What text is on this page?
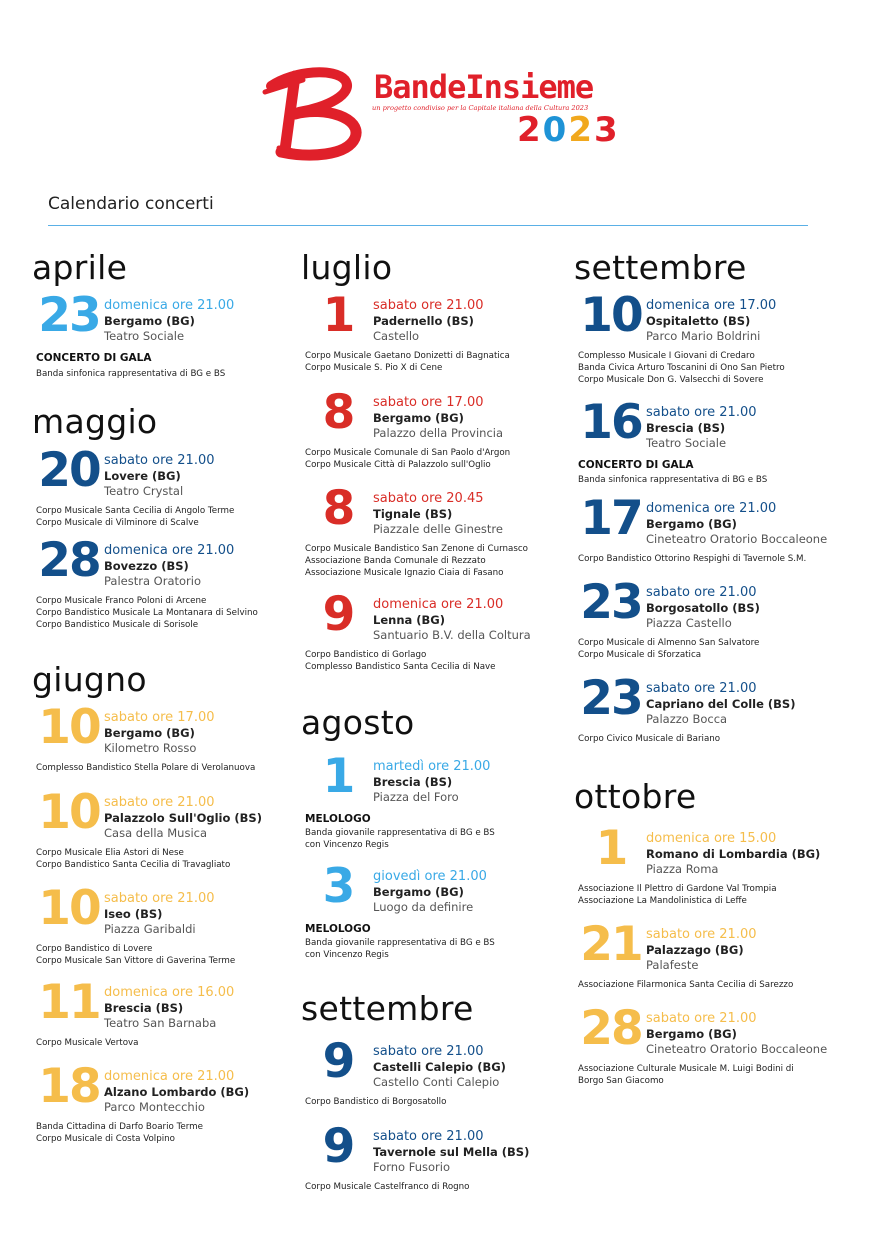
BandeInsieme
un progetto condiviso per la Capitale italiana della Cultura 2023
2023
Calendario concerti
aprile
23 domenica ore 21.00
Bergamo (BG)
Teatro Sociale
CONCERTO DI GALA
Banda sinfonica rappresentativa di BG e BS
maggio
20 sabato ore 21.00
Lovere (BG)
Teatro Crystal
Corpo Musicale Santa Cecilia di Angolo Terme
Corpo Musicale di Vilminore di Scalve
28 domenica ore 21.00
Bovezzo (BS)
Palestra Oratorio
Corpo Musicale Franco Poloni di Arcene
Corpo Bandistico Musicale La Montanara di Selvino
Corpo Bandistico Musicale di Sorisole
giugno
10 sabato ore 17.00
Bergamo (BG)
Kilometro Rosso
Complesso Bandistico Stella Polare di Verolanuova
10 sabato ore 21.00
Palazzolo Sull'Oglio (BS)
Casa della Musica
Corpo Musicale Elia Astori di Nese
Corpo Bandistico Santa Cecilia di Travagliato
10 sabato ore 21.00
Iseo (BS)
Piazza Garibaldi
Corpo Bandistico di Lovere
Corpo Musicale San Vittore di Gaverina Terme
11 domenica ore 16.00
Brescia (BS)
Teatro San Barnaba
Corpo Musicale Vertova
18 domenica ore 21.00
Alzano Lombardo (BG)
Parco Montecchio
Banda Cittadina di Darfo Boario Terme
Corpo Musicale di Costa Volpino
luglio
1	sabato ore 21.00
Padernello (BS)
Castello
Corpo Musicale Gaetano Donizetti di Bagnatica
Corpo Musicale S. Pio X di Cene
8	sabato ore 17.00
Bergamo (BG)
Palazzo della Provincia
Corpo Musicale Comunale di San Paolo d'Argon
Corpo Musicale Città di Palazzolo sull'Oglio
8	sabato ore 20.45
Tignale (BS)
Piazzale delle Ginestre
Corpo Musicale Bandistico San Zenone di Curnasco
Associazione Banda Comunale di Rezzato
Associazione Musicale Ignazio Ciaia di Fasano
9	domenica ore 21.00
Lenna (BG)
Santuario B.V. della Coltura
Corpo Bandistico di Gorlago
Complesso Bandistico Santa Cecilia di Nave
agosto
1	martedì ore 21.00
Brescia (BS)
Piazza del Foro
MELOLOGO
Banda giovanile rappresentativa di BG e BS
con Vincenzo Regis
3	giovedì ore 21.00
Bergamo (BG)
Luogo da definire
MELOLOGO
Banda giovanile rappresentativa di BG e BS
con Vincenzo Regis
settembre
9	sabato ore 21.00
Castelli Calepio (BG)
Castello Conti Calepio
Corpo Bandistico di Borgosatollo
9	sabato ore 21.00
Tavernole sul Mella (BS)
Forno Fusorio
Corpo Musicale Castelfranco di Rogno
settembre
10 domenica ore 17.00
Ospitaletto (BS)
Parco Mario Boldrini
Complesso Musicale I Giovani di Credaro
Banda Civica Arturo Toscanini di Ono San Pietro
Corpo Musicale Don G. Valsecchi di Sovere
16 sabato ore 21.00
Brescia (BS)
Teatro Sociale
CONCERTO DI GALA
Banda sinfonica rappresentativa di BG e BS
17 domenica ore 21.00
Bergamo (BG)
Cineteatro Oratorio Boccaleone
Corpo Bandistico Ottorino Respighi di Tavernole S.M.
23 sabato ore 21.00
Borgosatollo (BS)
Piazza Castello
Corpo Musicale di Almenno San Salvatore
Corpo Musicale di Sforzatica
23 sabato ore 21.00
Capriano del Colle (BS)
Palazzo Bocca
Corpo Civico Musicale di Bariano
ottobre
1	domenica ore 15.00
Romano di Lombardia (BG)
Piazza Roma
Associazione Il Plettro di Gardone Val Trompia
Associazione La Mandolinistica di Leffe
21 sabato ore 21.00
Palazzago (BG)
Palafeste
Associazione Filarmonica Santa Cecilia di Sarezzo
28 sabato ore 21.00
Bergamo (BG)
Cineteatro Oratorio Boccaleone
Associazione Culturale Musicale M. Luigi Bodini di
Borgo San Giacomo
